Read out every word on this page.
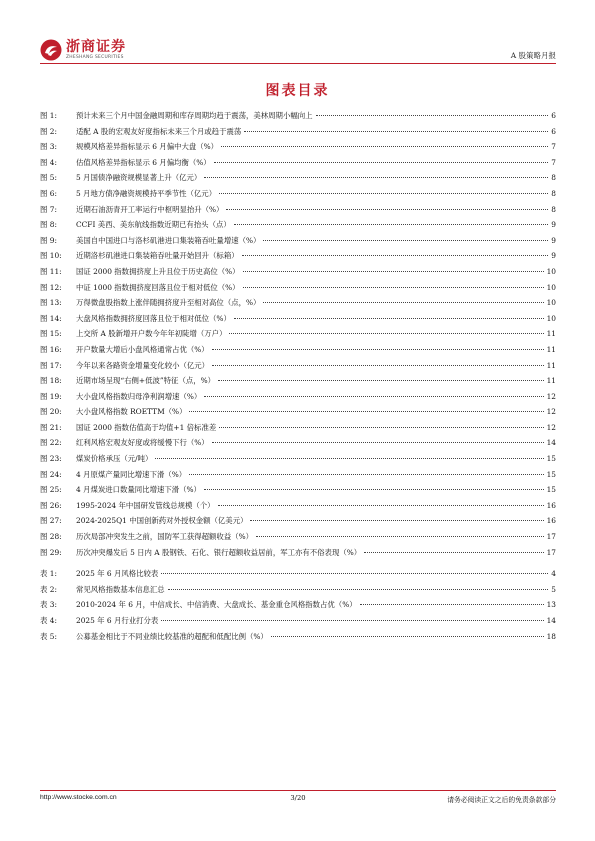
浙商证券
ZHESHANG SECURITIES	A 股策略月报
图表目录
图 1:	预计未来三个月中国金融周期和库存周期均趋于震荡，美林周期小幅向上	6
图 2:	适配 A 股的宏观友好度指标未来三个月或趋于震荡	6
图 3:	规模风格差异指标显示 6 月偏中大盘（%）	7
图 4:	估值风格差异指标显示 6 月偏均衡（%）	7
图 5:	5 月国债净融资规模显著上升（亿元）	8
图 6:	5 月地方债净融资规模持平季节性（亿元）	8
图 7:	近期石油沥青开工率运行中枢明显抬升（%）	8
图 8:	CCFI 美西、美东航线指数近期已有抬头（点）	9
图 9:	美国自中国进口与洛杉矶港进口集装箱吞吐量增速（%）	9
图 10:	近期洛杉矶港进口集装箱吞吐量开始回升（标箱）	9
图 11:	国证 2000 指数拥挤度上升且位于历史高位（%）	10
图 12:	中证 1000 指数拥挤度回落且位于相对低位（%）	10
图 13:	万得微盘股指数上涨伴随拥挤度升至相对高位（点，%）	10
图 14:	大盘风格指数拥挤度回落且位于相对低位（%）	10
图 15:	上交所 A 股新增开户数今年年初陡增（万户）	11
图 16:	开户数量大增后小盘风格通常占优（%）	11
图 17:	今年以来各路资金增量变化较小（亿元）	11
图 18:	近期市场呈现“右侧+低波”特征（点，%）	11
图 19:	大小盘风格指数归母净利润增速（%）	12
图 20:	大小盘风格指数 ROETTM（%）	12
图 21:	国证 2000 指数估值高于均值+1 倍标准差	12
图 22:	红利风格宏观友好度或将缓慢下行（%）	14
图 23:	煤炭价格承压（元/吨）	15
图 24:	4 月原煤产量同比增速下滑（%）	15
图 25:	4 月煤炭进口数量同比增速下滑（%）	15
图 26:	1995-2024 年中国研发管线总规模（个）	16
图 27:	2024-2025Q1 中国创新药对外授权金额（亿美元）	16
图 28:	历次局部冲突发生之前，国防军工获得超额收益（%）	17
图 29:	历次冲突爆发后 5 日内 A 股钢铁、石化、银行超额收益居前，军工亦有不俗表现（%）	17
表 1:	2025 年 6 月风格比较表	4
表 2:	常见风格指数基本信息汇总	5
表 3:	2010-2024 年 6 月，中信成长、中信消费、大盘成长、基金重仓风格指数占优（%）	13
表 4:	2025 年 6 月行业打分表	14
表 5:	公募基金相比于不同业绩比较基准的超配和低配比例（%）	18
http://www.stocke.com.cn	3/20	请务必阅读正文之后的免责条款部分
